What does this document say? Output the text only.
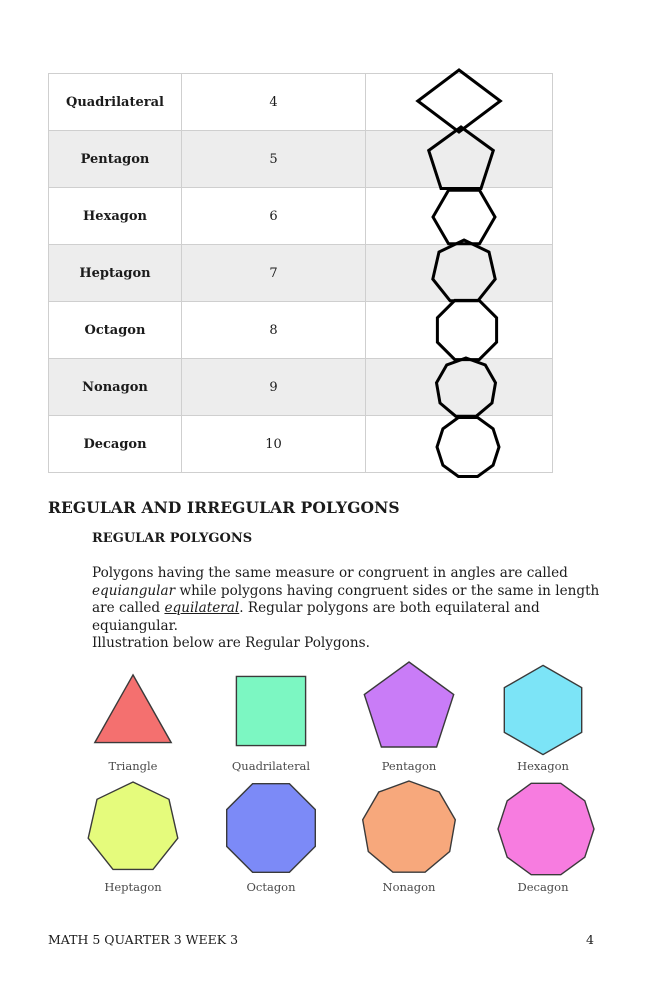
Quadrilateral	4	
Pentagon	5	
Hexagon	6	
Heptagon	7	
Octagon	8	
Nonagon	9	
Decagon	10	
REGULAR AND IRREGULAR POLYGONS
REGULAR POLYGONS

Polygons having the same measure or congruent in angles are called equiangular while polygons having congruent sides or the same in length are called equilateral. Regular polygons are both equilateral and equiangular.
Illustration below are Regular Polygons.

Triangle	Quadrilateral	Pentagon	Hexagon
Heptagon	Octagon	Nonagon	Decagon
MATH 5 QUARTER 3 WEEK 3	4
